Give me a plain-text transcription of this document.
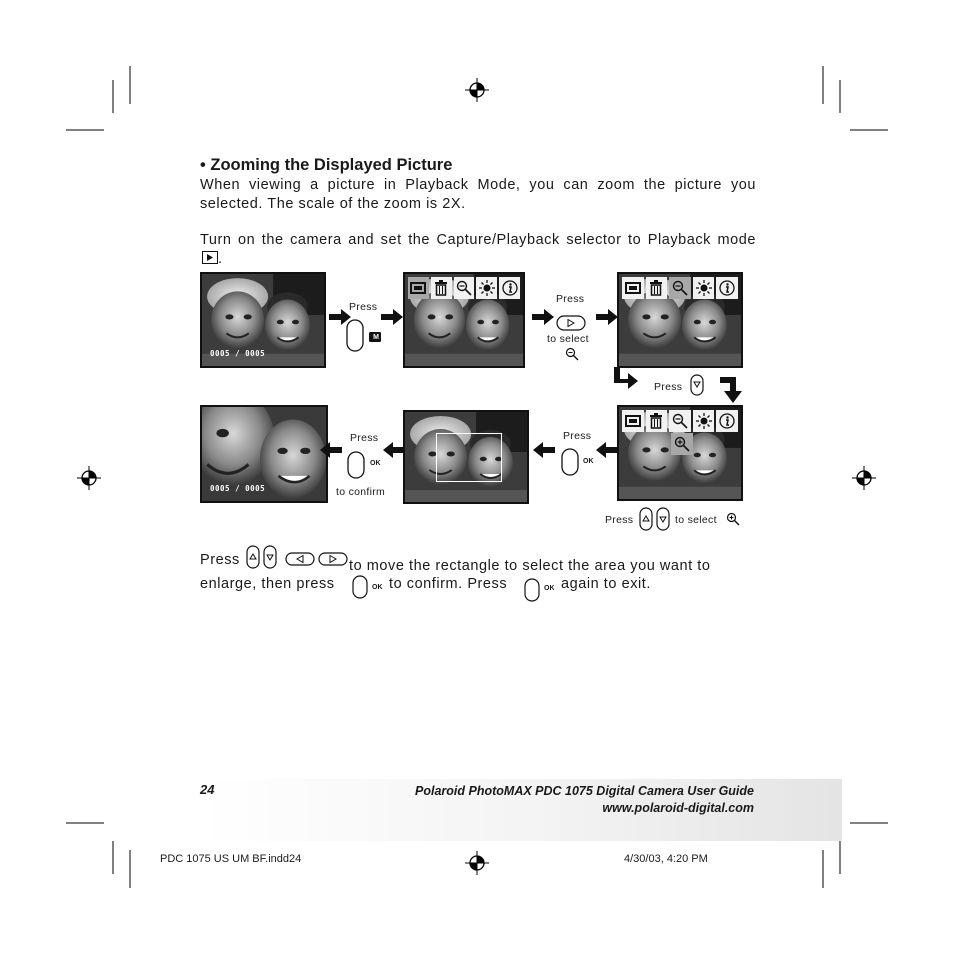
• Zooming the Displayed Picture
When viewing a picture in Playback Mode, you can zoom the picture you selected. The scale of the zoom is 2X.
Turn on the camera and set the Capture/Playback selector to Playback mode .
0005 / 0005
Press
M
Press
to select
Press
0005 / 0005
Press
OK
to confirm
Press
OK
Press	to select
Press	to move the rectangle to select the area you want to
enlarge, then press	OK to confirm. Press	OK again to exit.
24	Polaroid PhotoMAX PDC 1075 Digital Camera User Guide
www.polaroid-digital.com
PDC 1075 US UM BF.indd24	4/30/03, 4:20 PM
